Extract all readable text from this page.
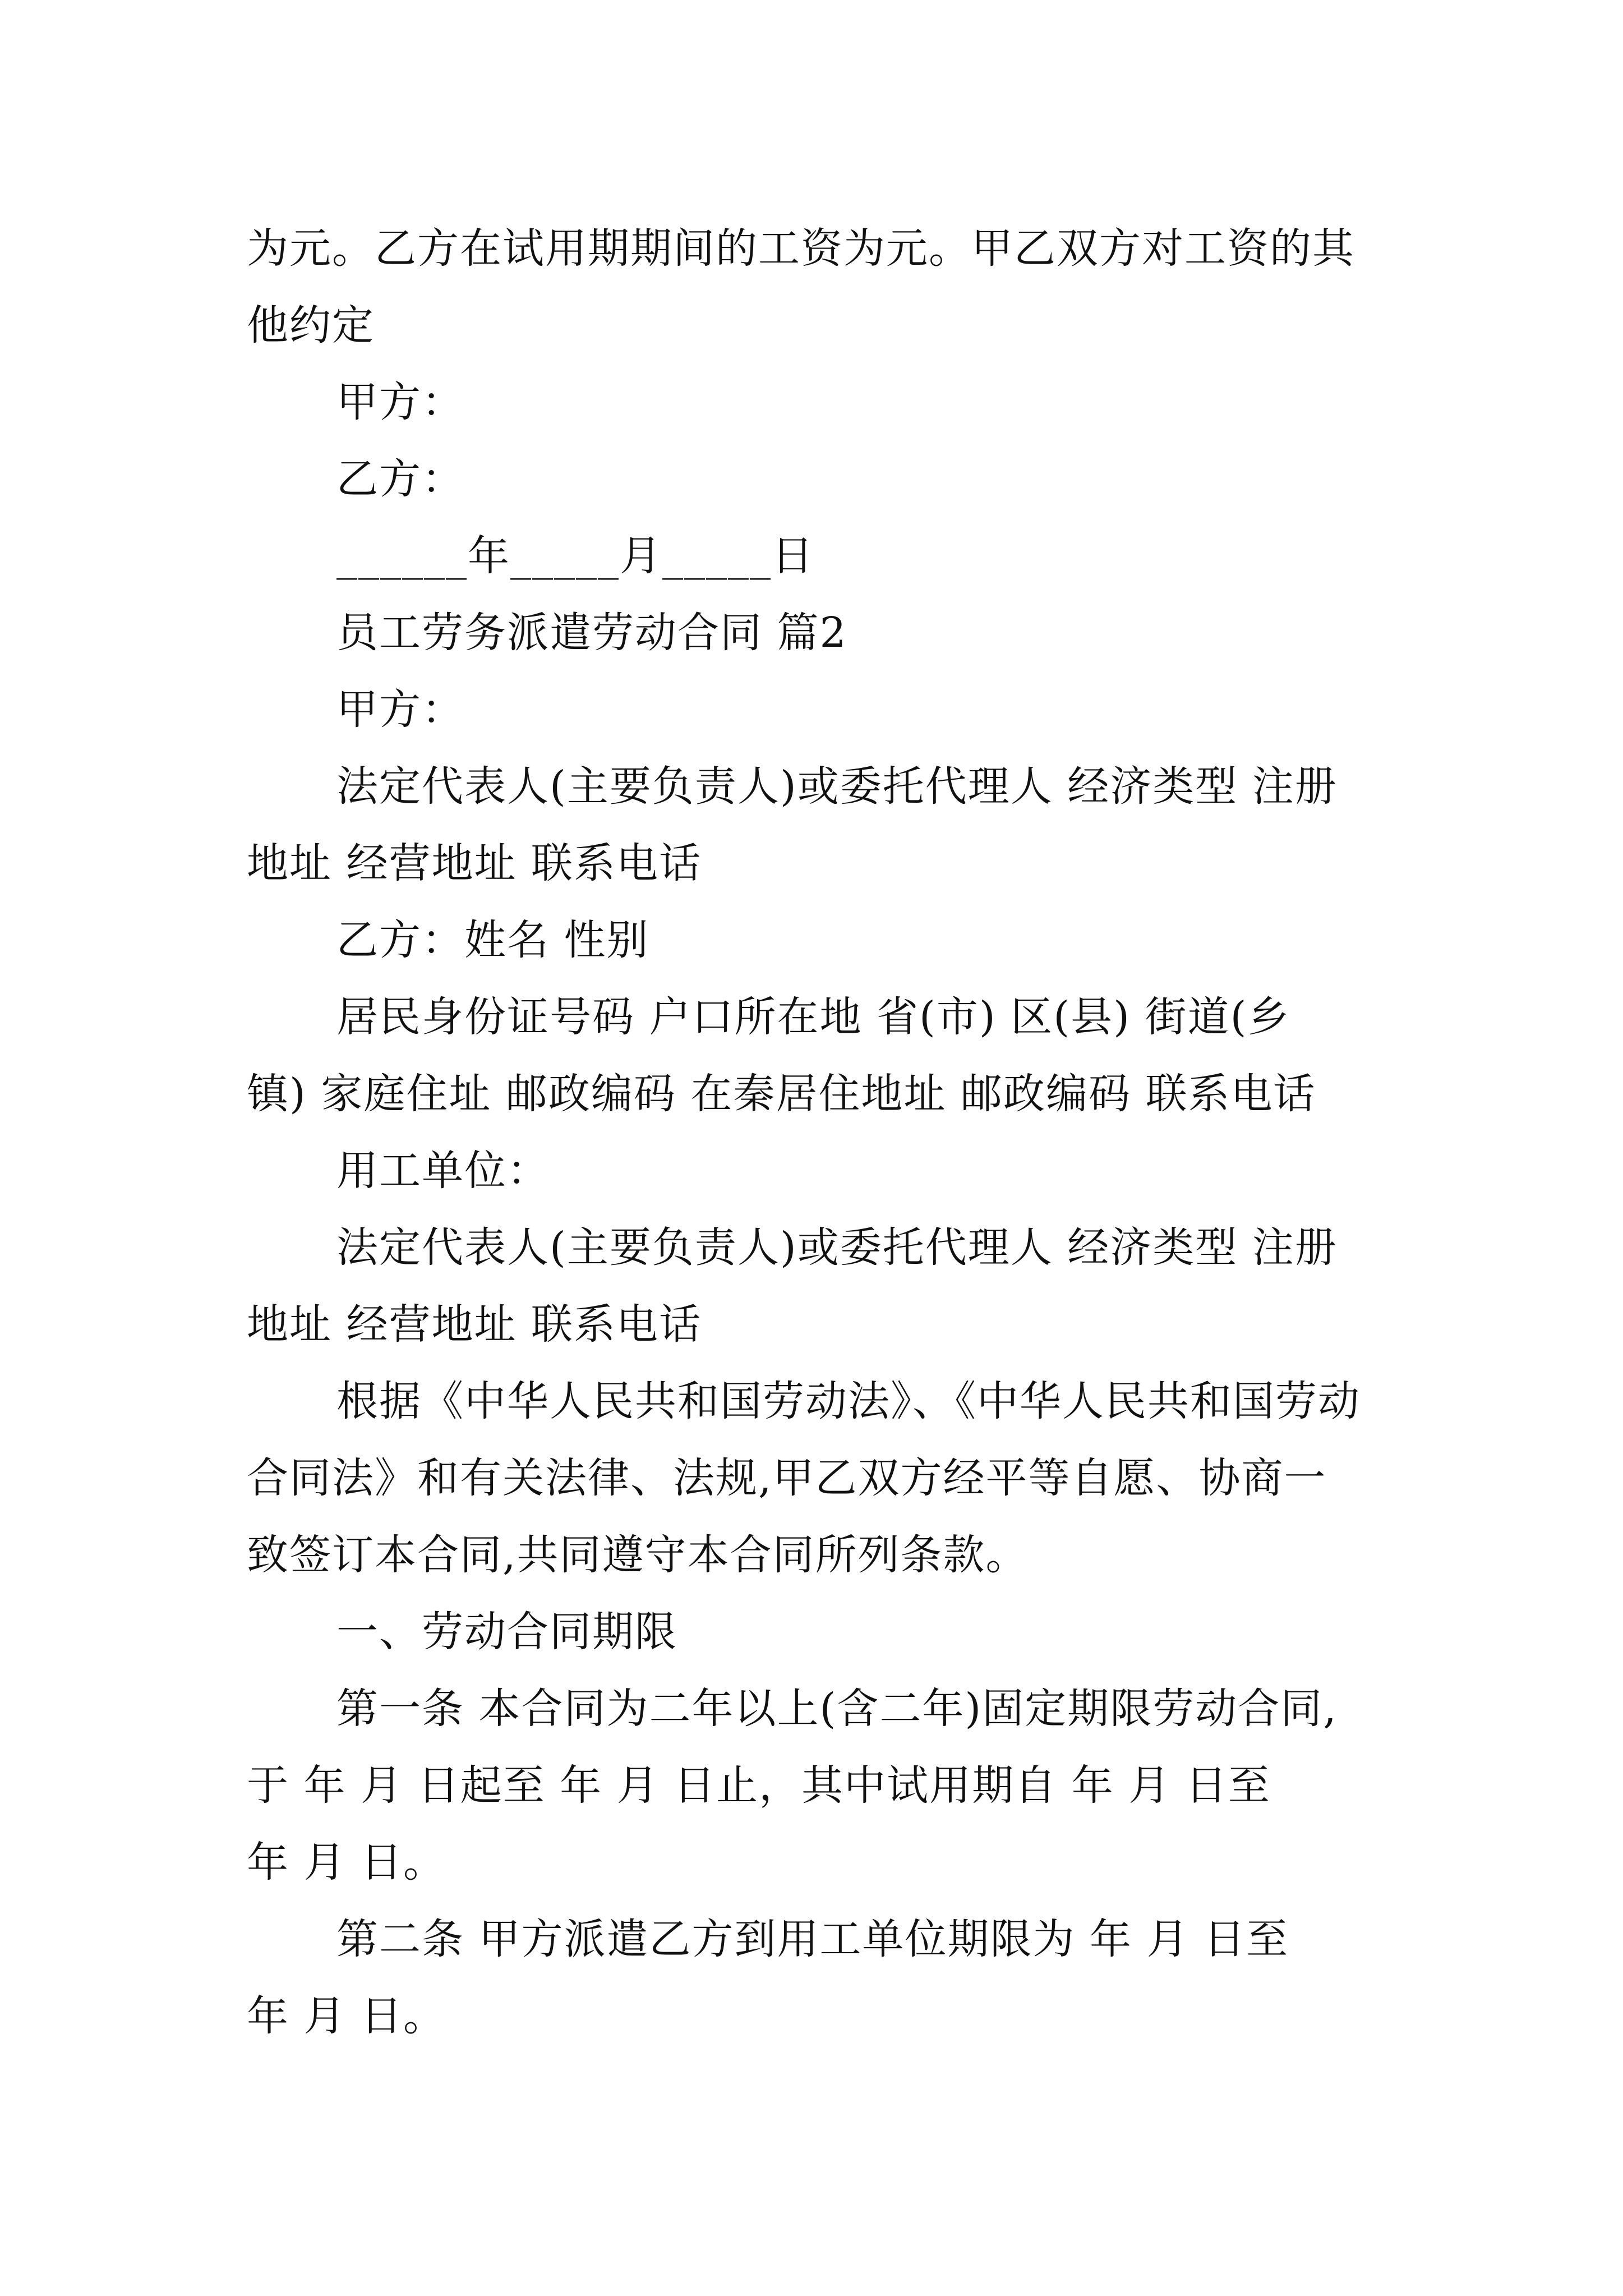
为元。乙方在试用期期间的工资为元。甲乙双方对工资的其
他约定
甲方：
乙方：
______年_____月_____日
员工劳务派遣劳动合同 篇2
甲方：
法定代表人(主要负责人)或委托代理人 经济类型 注册
地址 经营地址 联系电话
乙方：姓名 性别
居民身份证号码 户口所在地 省(市) 区(县) 街道(乡
镇) 家庭住址 邮政编码 在秦居住地址 邮政编码 联系电话
用工单位：
法定代表人(主要负责人)或委托代理人 经济类型 注册
地址 经营地址 联系电话
根据《中华人民共和国劳动法》、《中华人民共和国劳动
合同法》和有关法律、法规,甲乙双方经平等自愿、协商一
致签订本合同,共同遵守本合同所列条款。
一、劳动合同期限
第一条 本合同为二年以上(含二年)固定期限劳动合同,
于 年 月 日起至 年 月 日止，其中试用期自 年 月 日至
年 月 日。
第二条 甲方派遣乙方到用工单位期限为 年 月 日至
年 月 日。
